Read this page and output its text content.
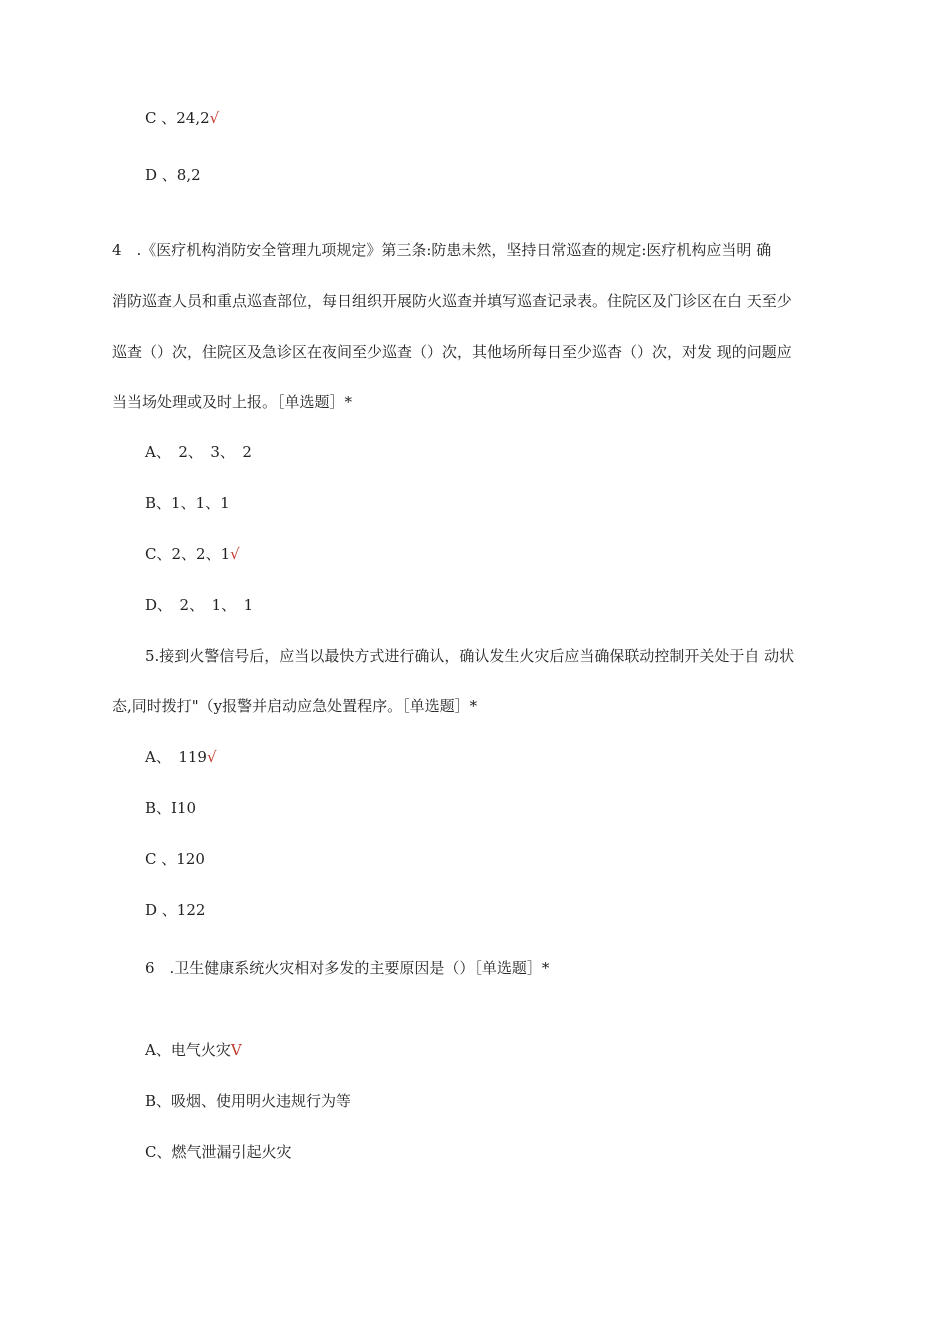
C 、24,2√
D 、8,2
4　.《医疗机构消防安全管理九项规定》第三条:防患未然，坚持日常巡查的规定:医疗机构应当明 确
消防巡查人员和重点巡查部位，每日组织开展防火巡查并填写巡查记录表。住院区及门诊区在白 天至少
巡查（）次，住院区及急诊区在夜间至少巡查（）次，其他场所每日至少巡杳（）次，对发 现的问题应
当当场处理或及时上报。［单选题］*
A、　2、　3、　2
B、1、1、1
C、2、2、1√
D、　2、　1、　1
5.接到火警信号后，应当以最快方式进行确认，确认发生火灾后应当确保联动控制开关处于自 动状
态,同时拨打"（y报警并启动应急处置程序。［单选题］*
A、　119√
B、I10
C 、120
D 、122
6　.卫生健康系统火灾相对多发的主要原因是（）［单选题］*
A、电气火灾V
B、吸烟、使用明火违规行为等
C、燃气泄漏引起火灾
